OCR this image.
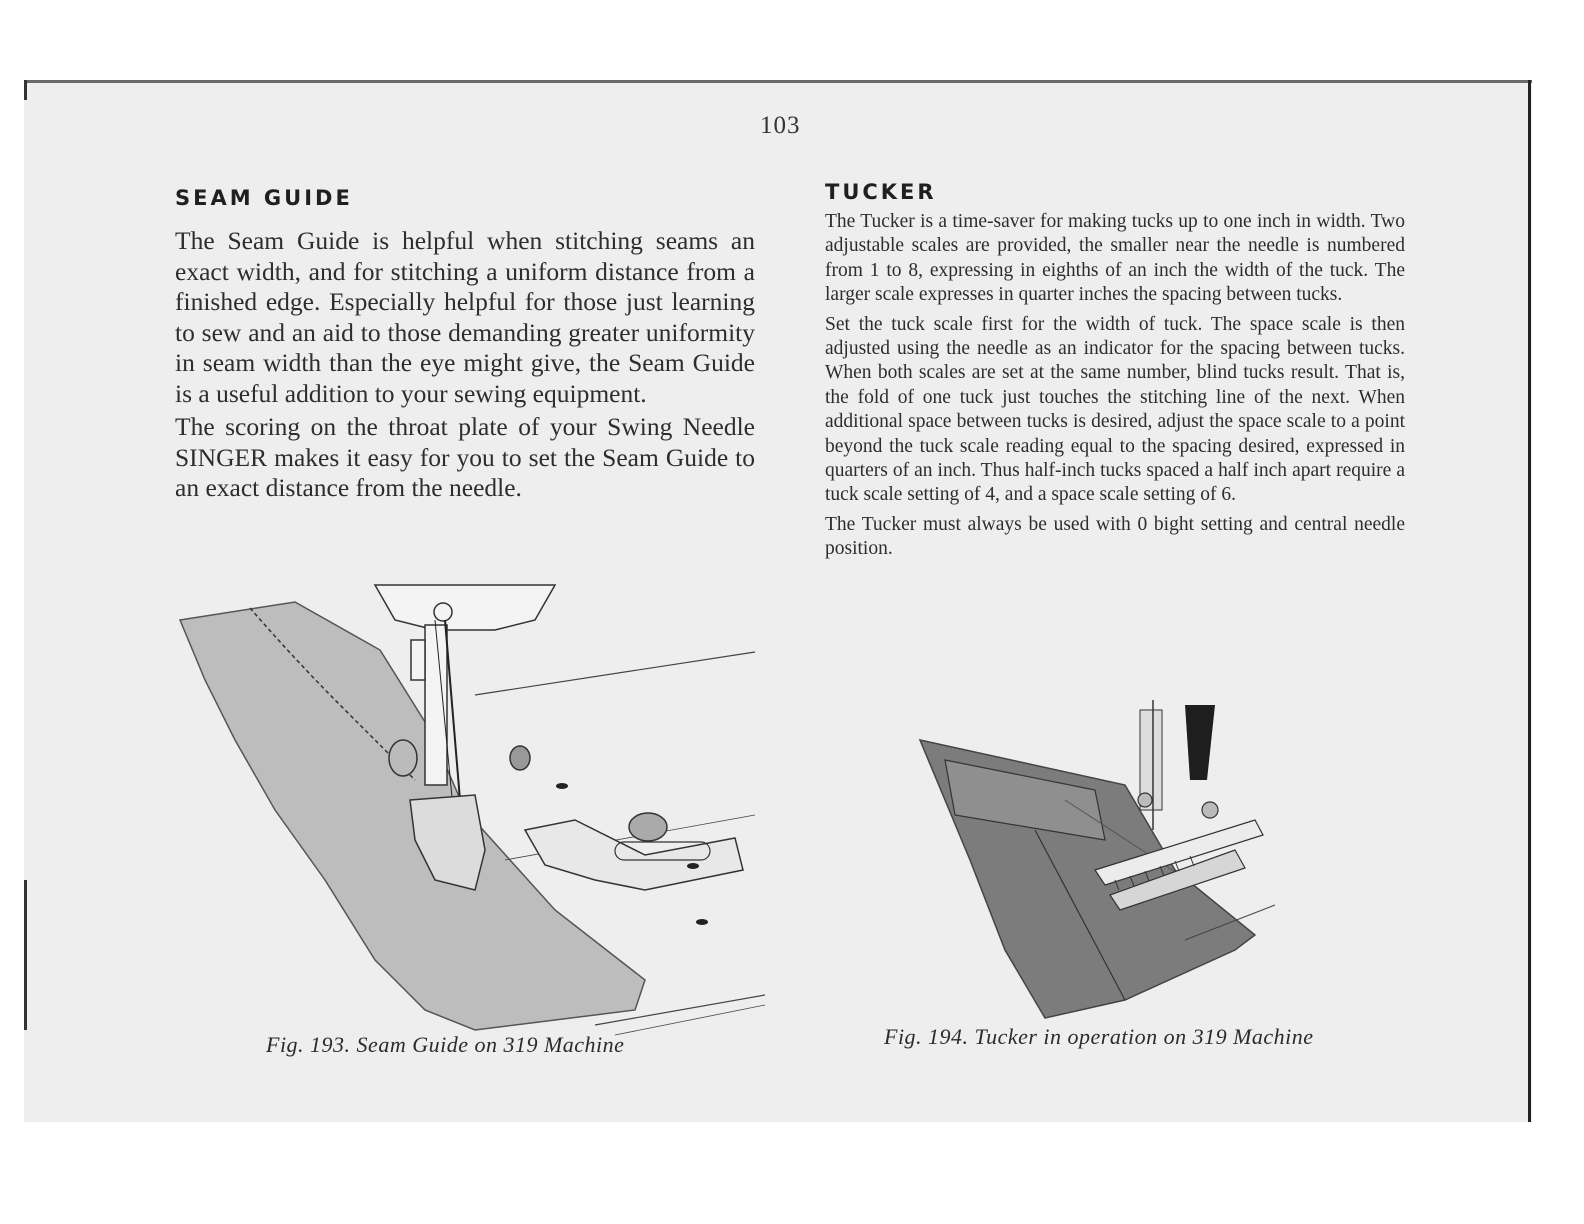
103
SEAM GUIDE

The Seam Guide is helpful when stitching seams an exact width, and for stitching a uniform distance from a finished edge. Especially helpful for those just learning to sew and an aid to those demanding greater uniformity in seam width than the eye might give, the Seam Guide is a useful addition to your sewing equipment.

The scoring on the throat plate of your Swing Needle SINGER makes it easy for you to set the Seam Guide to an exact distance from the needle.

Fig. 193. Seam Guide on 319 Machine
TUCKER

The Tucker is a time-saver for making tucks up to one inch in width. Two adjustable scales are provided, the smaller near the needle is numbered from 1 to 8, expressing in eighths of an inch the width of the tuck. The larger scale expresses in quarter inches the spacing between tucks.

Set the tuck scale first for the width of tuck. The space scale is then adjusted using the needle as an indicator for the spacing between tucks. When both scales are set at the same number, blind tucks result. That is, the fold of one tuck just touches the stitching line of the next. When additional space between tucks is desired, adjust the space scale to a point beyond the tuck scale reading equal to the spacing desired, expressed in quarters of an inch. Thus half-inch tucks spaced a half inch apart require a tuck scale setting of 4, and a space scale setting of 6.

The Tucker must always be used with 0 bight setting and central needle position.

Fig. 194. Tucker in operation on 319 Machine
